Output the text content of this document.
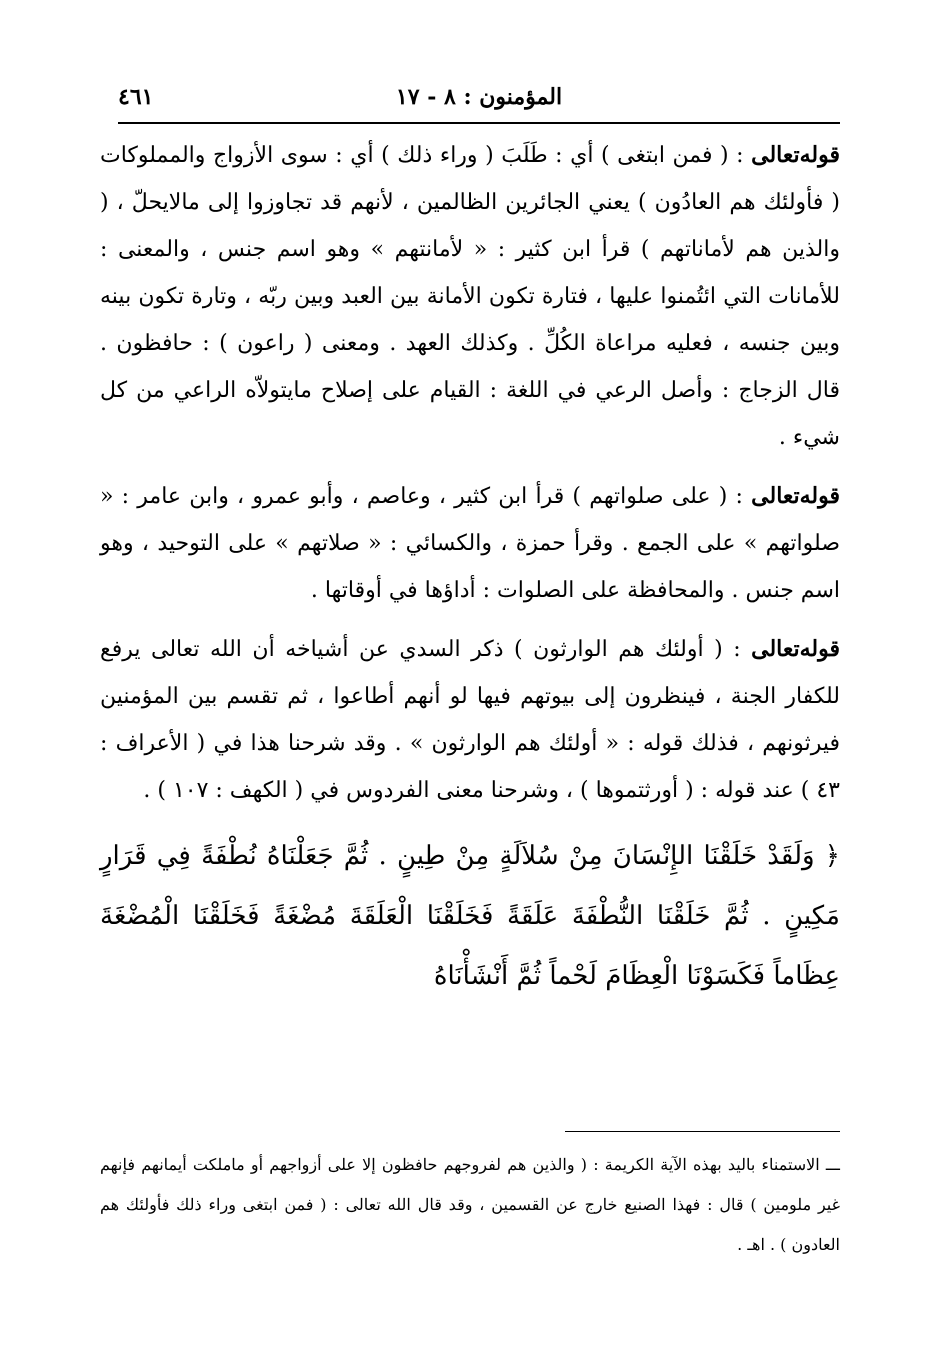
المؤمنون : ٨ - ١٧
٤٦١

قوله‌تعالى : ( فمن ابتغى ) أي : طَلَبَ ( وراء ذلك ) أي : سوى الأزواج والمملوكات ( فأولئك هم العادُون ) يعني الجائرين الظالمين ، لأنهم قد تجاوزوا إلى مالايحلّ ، ( والذين هم لأماناتهم ) قرأ ابن كثير : « لأمانتهم » وهو اسم جنس ، والمعنى : للأمانات التي ائتُمنوا عليها ، فتارة تكون الأمانة بين العبد وبين ربّه ، وتارة تكون بينه وبين جنسه ، فعليه مراعاة الكُلِّ . وكذلك العهد . ومعنى ( راعون ) : حافظون . قال الزجاج : وأصل الرعي في اللغة : القيام على إصلاح مايتولاّه الراعي من كل شيء .

قوله‌تعالى : ( على صلواتهم ) قرأ ابن كثير ، وعاصم ، وأبو عمرو ، وابن عامر : « صلواتهم » على الجمع . وقرأ حمزة ، والكسائي : « صلاتهم » على التوحيد ، وهو اسم جنس . والمحافظة على الصلوات : أداؤها في أوقاتها .

قوله‌تعالى : ( أولئك هم الوارثون ) ذكر السدي عن أشياخه أن الله تعالى يرفع للكفار الجنة ، فينظرون إلى بيوتهم فيها لو أنهم أطاعوا ، ثم تقسم بين المؤمنين فيرثونهم ، فذلك قوله : « أولئك هم الوارثون » . وقد شرحنا هذا في ( الأعراف : ٤٣ ) عند قوله : ( أورثتموها ) ، وشرحنا معنى الفردوس في ( الكهف : ١٠٧ ) .

﴿ وَلَقَدْ خَلَقْنَا الإِنْسَانَ مِنْ سُلاَلَةٍ مِنْ طِينٍ . ثُمَّ جَعَلْنَاهُ نُطْفَةً فِي قَرَارٍ مَكِينٍ . ثُمَّ خَلَقْنَا النُّطْفَةَ عَلَقَةً فَخَلَقْنَا الْعَلَقَةَ مُضْغَةً فَخَلَقْنَا الْمُضْغَةَ عِظَاماً فَكَسَوْنَا الْعِظَامَ لَحْماً ثُمَّ أَنْشَأْنَاهُ

ـــ الاستمناء باليد بهذه الآية الكريمة : ( والذين هم لفروجهم حافظون إلا على أزواجهم أو ماملكت أيمانهم فإنهم غير ملومين ) قال : فهذا الصنيع خارج عن القسمين ، وقد قال الله تعالى : ( فمن ابتغى وراء ذلك فأولئك هم العادون ) . اهـ .
